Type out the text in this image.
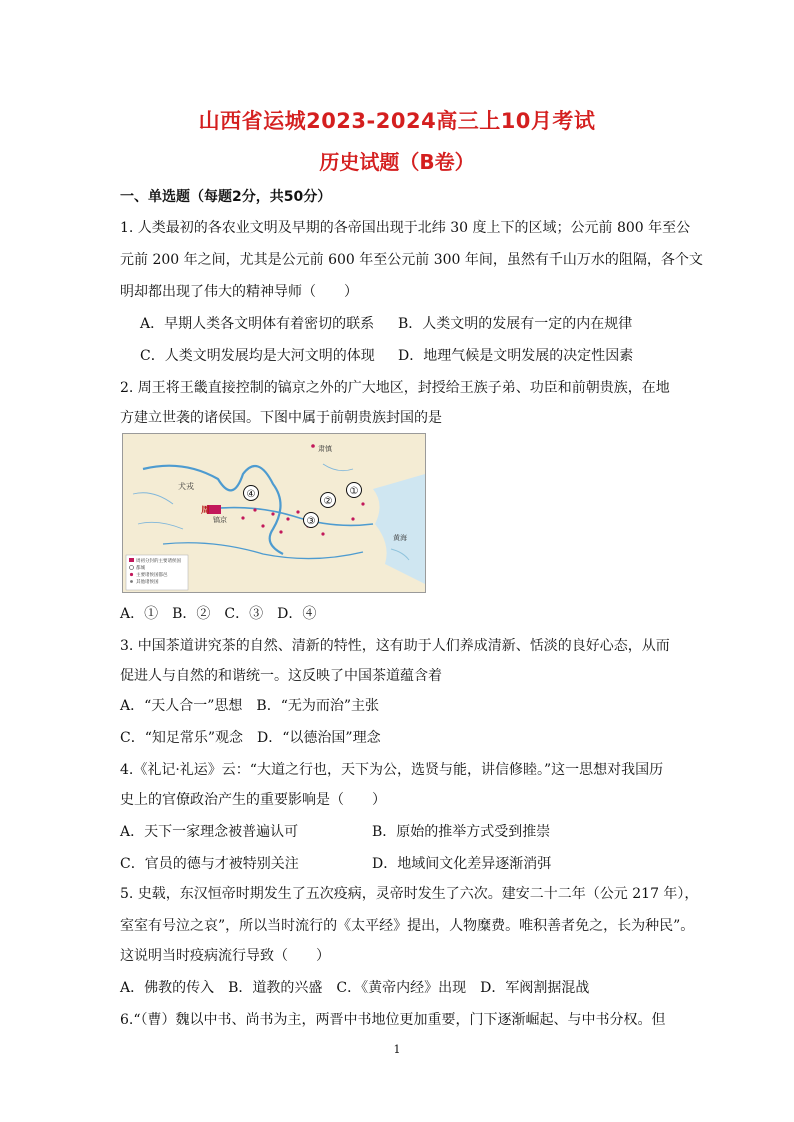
山西省运城2023-2024高三上10月考试
历史试题（B卷）
一、单选题（每题2分，共50分）
1. 人类最初的各农业文明及早期的各帝国出现于北纬 30 度上下的区域；公元前 800 年至公
元前 200 年之间，尤其是公元前 600 年至公元前 300 年间，虽然有千山万水的阻隔，各个文
明却都出现了伟大的精神导师（　　）
A．早期人类各文明体有着密切的联系 B．人类文明的发展有一定的内在规律
C．人类文明发展均是大河文明的体现 D．地理气候是文明发展的决定性因素
2. 周王将王畿直接控制的镐京之外的广大地区，封授给王族子弟、功臣和前朝贵族，在地
方建立世袭的诸侯国。下图中属于前朝贵族封国的是
周
镐京
犬戎
肃慎
黄海
①
②
③
④
周初分封的主要诸侯国
都城
主要诸侯国都邑
其他诸侯国
A．①　B．②　C．③　D．④
3. 中国茶道讲究茶的自然、清新的特性，这有助于人们养成清新、恬淡的良好心态，从而
促进人与自然的和谐统一。这反映了中国茶道蕴含着
A．“天人合一”思想　B．“无为而治”主张
C．“知足常乐”观念　D．“以德治国”理念
4.《礼记·礼运》云：“大道之行也，天下为公，选贤与能，讲信修睦。”这一思想对我国历
史上的官僚政治产生的重要影响是（　　）
A．天下一家理念被普遍认可	B．原始的推举方式受到推崇
C．官员的德与才被特别关注	D．地域间文化差异逐渐消弭
5. 史载，东汉恒帝时期发生了五次疫病，灵帝时发生了六次。建安二十二年（公元 217 年），
室室有号泣之哀”，所以当时流行的《太平经》提出，人物糜费。唯积善者免之，长为种民”。
这说明当时疫病流行导致（　　）
A．佛教的传入　B．道教的兴盛　C．《黄帝内经》出现　D．军阀割据混战
6.“（曹）魏以中书、尚书为主，两晋中书地位更加重要，门下逐渐崛起、与中书分权。但
1
